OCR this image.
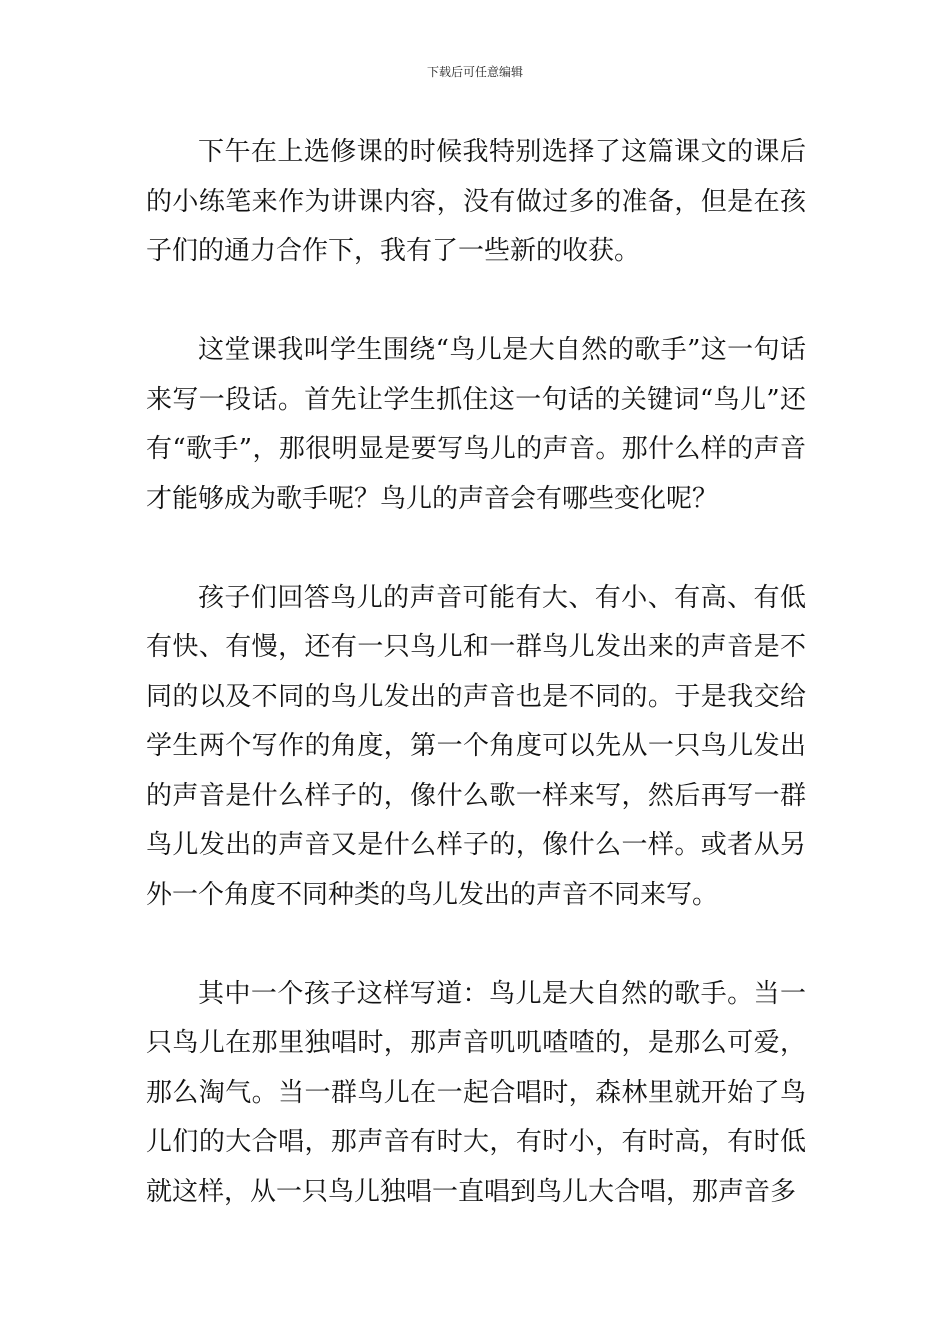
下载后可任意编辑

下午在上选修课的时候我特别选择了这篇课文的课后的小练笔来作为讲课内容，没有做过多的准备，但是在孩子们的通力合作下，我有了一些新的收获。

这堂课我叫学生围绕“鸟儿是大自然的歌手”这一句话来写一段话。首先让学生抓住这一句话的关键词“鸟儿”还有“歌手”，那很明显是要写鸟儿的声音。那什么样的声音才能够成为歌手呢？鸟儿的声音会有哪些变化呢？

孩子们回答鸟儿的声音可能有大、有小、有高、有低有快、有慢，还有一只鸟儿和一群鸟儿发出来的声音是不同的以及不同的鸟儿发出的声音也是不同的。于是我交给学生两个写作的角度，第一个角度可以先从一只鸟儿发出的声音是什么样子的，像什么歌一样来写，然后再写一群鸟儿发出的声音又是什么样子的，像什么一样。或者从另外一个角度不同种类的鸟儿发出的声音不同来写。

其中一个孩子这样写道：鸟儿是大自然的歌手。当一只鸟儿在那里独唱时，那声音叽叽喳喳的，是那么可爱，那么淘气。当一群鸟儿在一起合唱时，森林里就开始了鸟儿们的大合唱，那声音有时大，有时小，有时高，有时低就这样，从一只鸟儿独唱一直唱到鸟儿大合唱，那声音多
